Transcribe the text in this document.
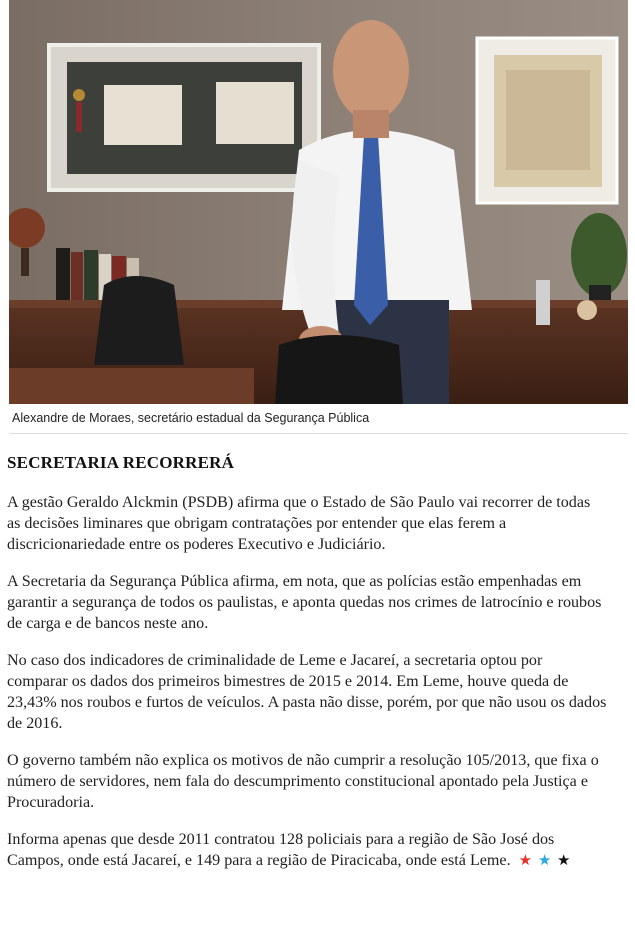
Alexandre de Moraes, secretário estadual da Segurança Pública
SECRETARIA RECORRERÁ

A gestão Geraldo Alckmin (PSDB) afirma que o Estado de São Paulo vai recorrer de todas as decisões liminares que obrigam contratações por entender que elas ferem a discricionariedade entre os poderes Executivo e Judiciário.

A Secretaria da Segurança Pública afirma, em nota, que as polícias estão empenhadas em garantir a segurança de todos os paulistas, e aponta quedas nos crimes de latrocínio e roubos de carga e de bancos neste ano.

No caso dos indicadores de criminalidade de Leme e Jacareí, a secretaria optou por comparar os dados dos primeiros bimestres de 2015 e 2014. Em Leme, houve queda de 23,43% nos roubos e furtos de veículos. A pasta não disse, porém, por que não usou os dados de 2016.

O governo também não explica os motivos de não cumprir a resolução 105/2013, que fixa o número de servidores, nem fala do descumprimento constitucional apontado pela Justiça e Procuradoria.

Informa apenas que desde 2011 contratou 128 policiais para a região de São José dos Campos, onde está Jacareí, e 149 para a região de Piracicaba, onde está Leme. ★ ★ ★
